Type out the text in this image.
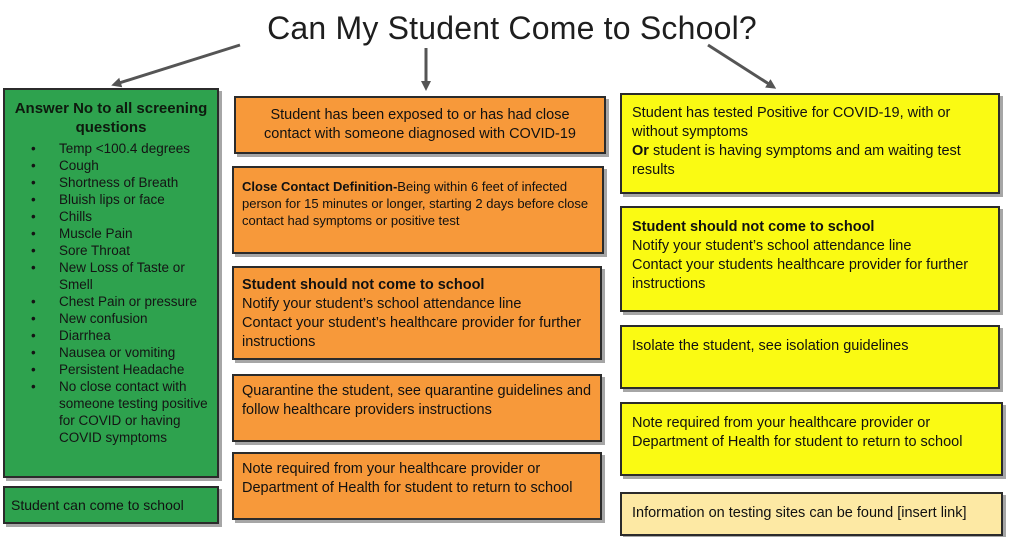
Can My Student Come to School?
Answer No to all screening questions
• Temp <100.4 degrees
• Cough
• Shortness of Breath
• Bluish lips or face
• Chills
• Muscle Pain
• Sore Throat
• New Loss of Taste or Smell
• Chest Pain or pressure
• New confusion
• Diarrhea
• Nausea or vomiting
• Persistent Headache
• No close contact with someone testing positive for COVID or having COVID symptoms
Student can come to school
Student has been exposed to or has had close contact with someone diagnosed with COVID-19
Close Contact Definition-Being within 6 feet of infected person for 15 minutes or longer, starting 2 days before close contact had symptoms or positive test
Student should not come to school
Notify your student’s school attendance line
Contact your student’s healthcare provider for further instructions
Quarantine the student, see quarantine guidelines and follow healthcare providers instructions
Note required from your healthcare provider or Department of Health for student to return to school
Student has tested Positive for COVID-19, with or without symptoms
Or student is having symptoms and am waiting test results
Student should not come to school
Notify your student’s school attendance line
Contact your students healthcare provider for further instructions
Isolate the student, see isolation guidelines
Note required from your healthcare provider or Department of Health for student to return to school
Information on testing sites can be found [insert link]
